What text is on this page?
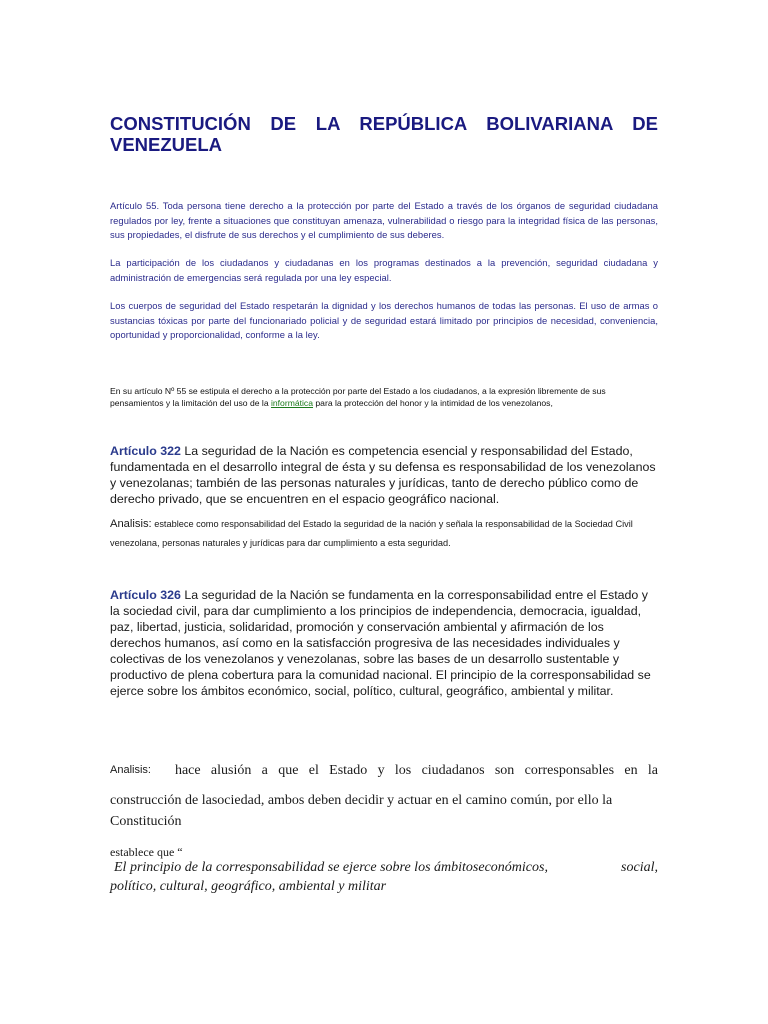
CONSTITUCIÓN DE LA REPÚBLICA BOLIVARIANA DE VENEZUELA

Artículo 55. Toda persona tiene derecho a la protección por parte del Estado a través de los órganos de seguridad ciudadana regulados por ley, frente a situaciones que constituyan amenaza, vulnerabilidad o riesgo para la integridad física de las personas, sus propiedades, el disfrute de sus derechos y el cumplimiento de sus deberes.

La participación de los ciudadanos y ciudadanas en los programas destinados a la prevención, seguridad ciudadana y administración de emergencias será regulada por una ley especial.

Los cuerpos de seguridad del Estado respetarán la dignidad y los derechos humanos de todas las personas. El uso de armas o sustancias tóxicas por parte del funcionariado policial y de seguridad estará limitado por principios de necesidad, conveniencia, oportunidad y proporcionalidad, conforme a la ley.

En su artículo Nº 55 se estipula el derecho a la protección por parte del Estado a los ciudadanos, a la expresión libremente de sus pensamientos y la limitación del uso de la informática para la protección del honor y la intimidad de los venezolanos,

Artículo 322 La seguridad de la Nación es competencia esencial y responsabilidad del Estado, fundamentada en el desarrollo integral de ésta y su defensa es responsabilidad de los venezolanos y venezolanas; también de las personas naturales y jurídicas, tanto de derecho público como de derecho privado, que se encuentren en el espacio geográfico nacional.

Analisis: establece como responsabilidad del Estado la seguridad de la nación y señala la responsabilidad de la Sociedad Civil venezolana, personas naturales y jurídicas para dar cumplimiento a esta seguridad.

Artículo 326 La seguridad de la Nación se fundamenta en la corresponsabilidad entre el Estado y la sociedad civil, para dar cumplimiento a los principios de independencia, democracia, igualdad, paz, libertad, justicia, solidaridad, promoción y conservación ambiental y afirmación de los derechos humanos, así como en la satisfacción progresiva de las necesidades individuales y colectivas de los venezolanos y venezolanas, sobre las bases de un desarrollo sustentable y productivo de plena cobertura para la comunidad nacional. El principio de la corresponsabilidad se ejerce sobre los ámbitos económico, social, político, cultural, geográfico, ambiental y militar.

Analisis: hace alusión a que el Estado y los ciudadanos son corresponsables en la
construcción de lasociedad, ambos deben decidir y actuar en el camino común, por ello la Constitución
establece que “
El principio de la corresponsabilidad se ejerce sobre los ámbitoseconómicos,	social,
político, cultural, geográfico, ambiental y militar
